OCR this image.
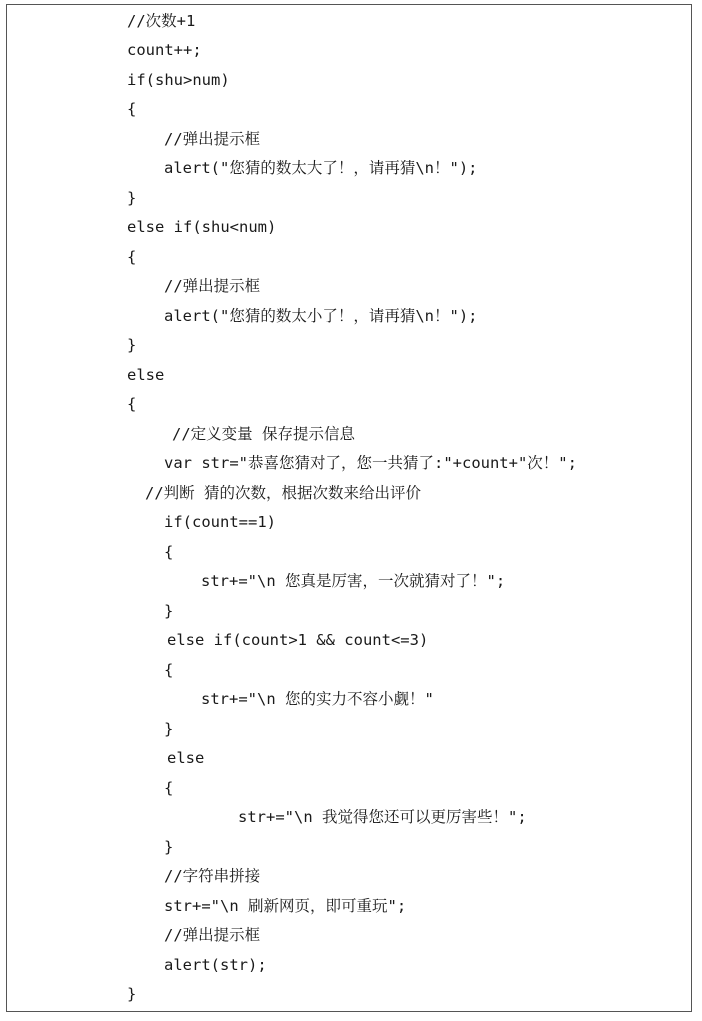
//次数+1
count++;
if(shu>num)
{
//弹出提示框
alert("您猜的数太大了！，请再猜\n！");
}
else if(shu<num)
{
//弹出提示框
alert("您猜的数太小了！，请再猜\n！");
}
else
{
//定义变量 保存提示信息
var str="恭喜您猜对了，您一共猜了:"+count+"次！";
//判断 猜的次数，根据次数来给出评价
if(count==1)
{
str+="\n 您真是厉害，一次就猜对了！";
}
else if(count>1 && count<=3)
{
str+="\n 您的实力不容小觑！"
}
else
{
str+="\n 我觉得您还可以更厉害些！";
}
//字符串拼接
str+="\n 刷新网页，即可重玩";
//弹出提示框
alert(str);
}
